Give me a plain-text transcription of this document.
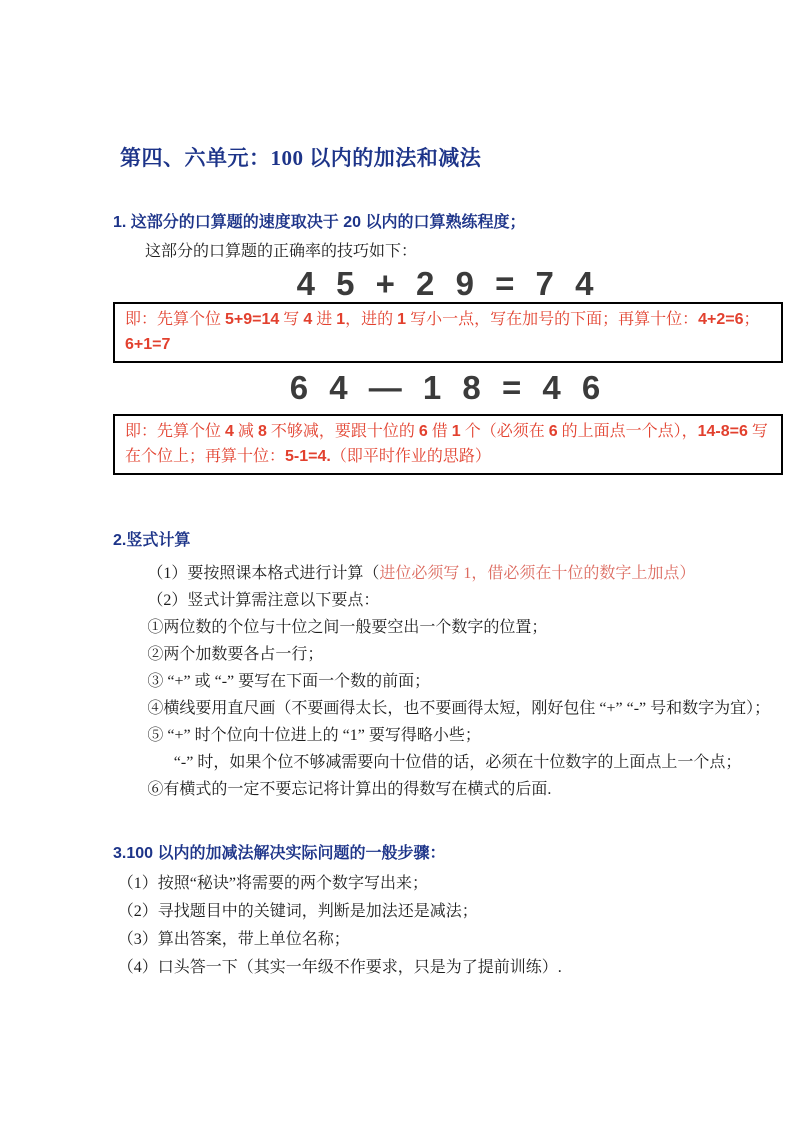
第四、六单元：100 以内的加法和减法
1. 这部分的口算题的速度取决于 20 以内的口算熟练程度；

这部分的口算题的正确率的技巧如下：

4 5 + 2 9 = 7 4
即：先算个位 5+9=14 写 4 进 1，进的 1 写小一点，写在加号的下面；再算十位：4+2=6；6+1=7
6 4 — 1 8 = 4 6
即：先算个位 4 减 8 不够减，要跟十位的 6 借 1 个（必须在 6 的上面点一个点），14-8=6 写在个位上；再算十位：5-1=4.（即平时作业的思路）
2.竖式计算

（1）要按照课本格式进行计算（进位必须写 1，借必须在十位的数字上加点）

（2）竖式计算需注意以下要点：

①两位数的个位与十位之间一般要空出一个数字的位置；

②两个加数要各占一行；

③ “+” 或 “-” 要写在下面一个数的前面；

④横线要用直尺画（不要画得太长，也不要画得太短，刚好包住 “+” “-” 号和数字为宜）；

⑤ “+” 时个位向十位进上的 “1” 要写得略小些；

“-” 时，如果个位不够减需要向十位借的话，必须在十位数字的上面点上一个点；

⑥有横式的一定不要忘记将计算出的得数写在横式的后面.

3.100 以内的加减法解决实际问题的一般步骤：

（1）按照“秘诀”将需要的两个数字写出来；

（2）寻找题目中的关键词，判断是加法还是减法；

（3）算出答案，带上单位名称；

（4）口头答一下（其实一年级不作要求，只是为了提前训练）.
